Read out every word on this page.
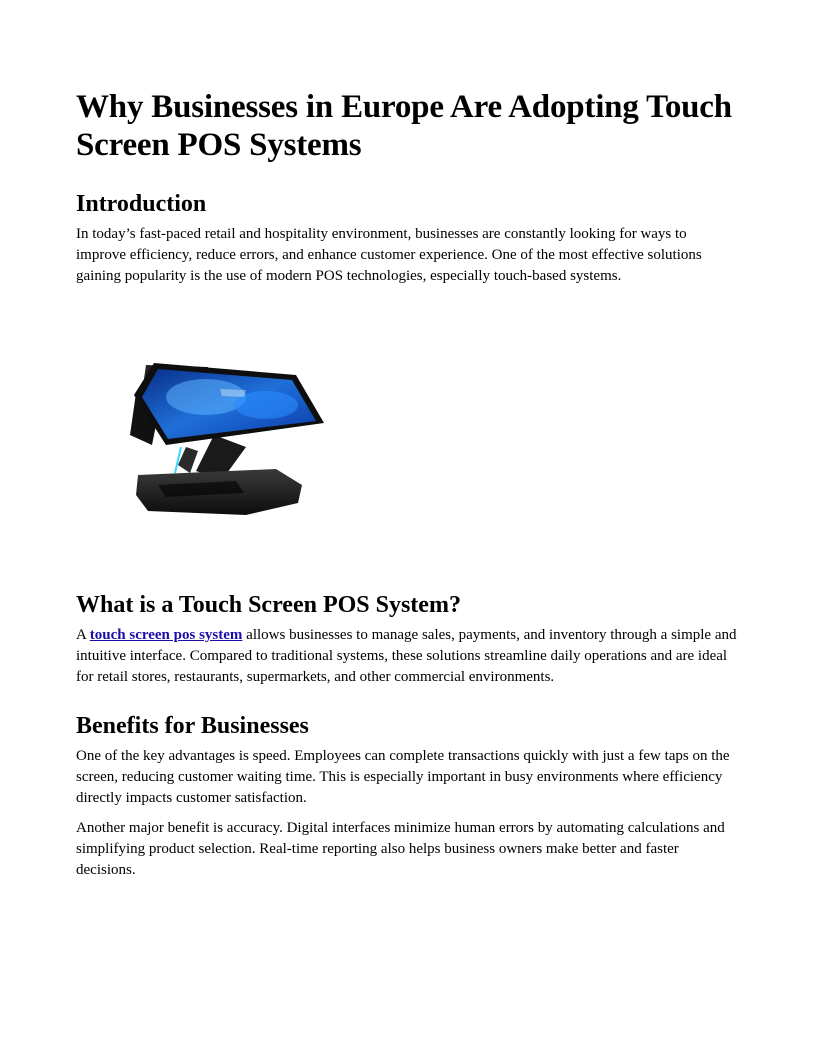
Why Businesses in Europe Are Adopting Touch Screen POS Systems
Introduction

In today’s fast-paced retail and hospitality environment, businesses are constantly looking for ways to improve efficiency, reduce errors, and enhance customer experience. One of the most effective solutions gaining popularity is the use of modern POS technologies, especially touch-based systems.

What is a Touch Screen POS System?

A touch screen pos system allows businesses to manage sales, payments, and inventory through a simple and intuitive interface. Compared to traditional systems, these solutions streamline daily operations and are ideal for retail stores, restaurants, supermarkets, and other commercial environments.

Benefits for Businesses

One of the key advantages is speed. Employees can complete transactions quickly with just a few taps on the screen, reducing customer waiting time. This is especially important in busy environments where efficiency directly impacts customer satisfaction.

Another major benefit is accuracy. Digital interfaces minimize human errors by automating calculations and simplifying product selection. Real-time reporting also helps business owners make better and faster decisions.
